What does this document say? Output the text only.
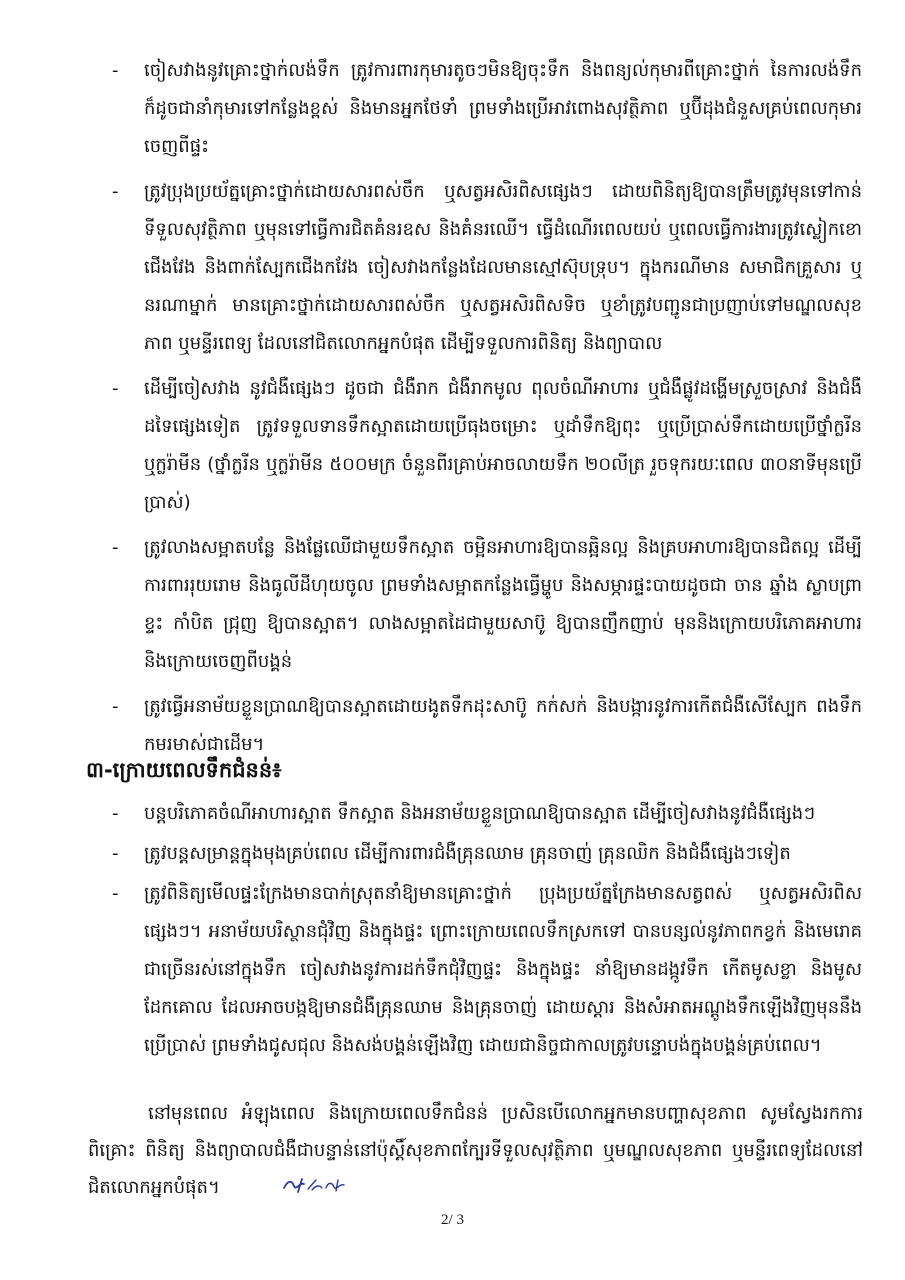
- ចៀសវាងនូវគ្រោះថ្នាក់លង់ទឹក ត្រូវការពារកុមារតូចៗមិនឱ្យចុះទឹក និងពន្យល់កុមារពីគ្រោះថ្នាក់ នៃការលង់ទឹក ក៏ដូចជានាំកុមារទៅកន្លែងខ្ពស់ និងមានអ្នកថែទាំ ព្រមទាំងប្រើអាវពោងសុវត្ថិភាព ឬប៊ីដុងជំនួសគ្រប់ពេលកុមារចេញពីផ្ទះ
- ត្រូវប្រុងប្រយ័ត្នគ្រោះថ្នាក់ដោយសារពស់ចឹក ឬសត្វអសិរពិសផ្សេងៗ ដោយពិនិត្យឱ្យបានត្រឹមត្រូវមុនទៅកាន់ទីទួលសុវត្ថិភាព ឬមុនទៅធ្វើការជិតគំនរឧស និងគំនរឈើ។ ធ្វើដំណើរពេលយប់ ឬពេលធ្វើការងារត្រូវស្លៀកខោជើងវែង និងពាក់ស្បែកជើងកវែង ចៀសវាងកន្លែងដែលមានស្មៅស៊ុបទ្រុប។ ក្នុងករណីមាន សមាជិកគ្រួសារ ឬនរណាម្នាក់ មានគ្រោះថ្នាក់ដោយសារពស់ចឹក ឬសត្វអសិរពិសទិច ឬខាំត្រូវបញ្ជូនជាប្រញាប់ទៅមណ្ឌលសុខភាព ឬមន្ទីរពេទ្យ ដែលនៅជិតលោកអ្នកបំផុត ដើម្បីទទួលការពិនិត្យ និងព្យាបាល
- ដើម្បីចៀសវាង នូវជំងឺផ្សេងៗ ដូចជា ជំងឺរាក ជំងឺរាកមូល ពុលចំណីអាហារ ឬជំងឺផ្លូវដង្ហើមស្រួចស្រាវ និងជំងឺដទៃផ្សេងទៀត ត្រូវទទួលទានទឹកស្អាតដោយប្រើធុងចម្រោះ ឬដាំទឹកឱ្យពុះ ឬប្រើប្រាស់ទឹកដោយប្រើថ្នាំក្លរីន ឬក្លរ៉ាមីន (ថ្នាំក្លរីន ឬក្លរ៉ាមីន ៥០០មក្រ ចំនួនពីរគ្រាប់អាចលាយទឹក ២០លីត្រ រួចទុករយៈពេល ៣០នាទីមុនប្រើប្រាស់)
- ត្រូវលាងសម្អាតបន្លែ និងផ្លែឈើជាមួយទឹកស្អាត ចម្អិនអាហារឱ្យបានឆ្អិនល្អ និងគ្របអាហារឱ្យបានជិតល្អ ដើម្បីការពាររុយរោម និងធូលីដីហុយចូល ព្រមទាំងសម្អាតកន្លែងធ្វើម្ហូប និងសម្ភារផ្ទះបាយដូចជា ចាន ឆ្នាំង ស្លាបព្រា ខ្ទះ កាំបិត ជ្រុញ ឱ្យបានស្អាត។ លាងសម្អាតដៃជាមួយសាប៊ូ ឱ្យបានញឹកញាប់ មុននិងក្រោយបរិភោគអាហារ និងក្រោយចេញពីបង្គន់
- ត្រូវធ្វើអនាម័យខ្លួនប្រាណឱ្យបានស្អាតដោយងូតទឹកដុះសាប៊ូ កក់សក់ និងបង្ការនូវការកើតជំងឺសើស្បែក ពងទឹក កមរមាស់ជាដើម។
៣-ក្រោយពេលទឹកជំនន់៖
- បន្តបរិភោគចំណីអាហារស្អាត ទឹកស្អាត និងអនាម័យខ្លួនប្រាណឱ្យបានស្អាត ដើម្បីចៀសវាងនូវជំងឺផ្សេងៗ
- ត្រូវបន្តសម្រាន្តក្នុងមុងគ្រប់ពេល ដើម្បីការពារជំងឺគ្រុនឈាម គ្រុនចាញ់ គ្រុនឈិក និងជំងឺផ្សេងៗទៀត
- ត្រូវពិនិត្យមើលផ្ទះក្រែងមានបាក់ស្រុតនាំឱ្យមានគ្រោះថ្នាក់ ប្រុងប្រយ័ត្នក្រែងមានសត្វពស់ ឬសត្វអសិរពិសផ្សេងៗ។ អនាម័យបរិស្ថានជុំវិញ និងក្នុងផ្ទះ ព្រោះក្រោយពេលទឹកស្រកទៅ បានបន្សល់នូវភាពកខ្វក់ និងមេរោគជាច្រើនរស់នៅក្នុងទឹក ចៀសវាងនូវការដក់ទឹកជុំវិញផ្ទះ និងក្នុងផ្ទះ នាំឱ្យមានដង្កូវទឹក កើតមូសខ្លា និងមូសដែកគោល ដែលអាចបង្កឱ្យមានជំងឺគ្រុនឈាម និងគ្រុនចាញ់ ដោយស្តារ និងសំអាតអណ្តូងទឹកឡើងវិញមុននឹងប្រើប្រាស់ ព្រមទាំងជូសជុល និងសង់បង្គន់ឡើងវិញ ដោយជានិច្ចជាកាលត្រូវបន្ទោបង់ក្នុងបង្គន់គ្រប់ពេល។

នៅមុនពេល អំឡុងពេល និងក្រោយពេលទឹកជំនន់ ប្រសិនបើលោកអ្នកមានបញ្ហាសុខភាព សូមស្វែងរកការពិគ្រោះ ពិនិត្យ និងព្យាបាលជំងឺជាបន្ទាន់នៅប៉ុស្តិ៍សុខភាពក្បែរទីទួលសុវត្ថិភាព ឬមណ្ឌលសុខភាព ឬមន្ទីរពេទ្យដែលនៅជិតលោកអ្នកបំផុត។

2/ 3
